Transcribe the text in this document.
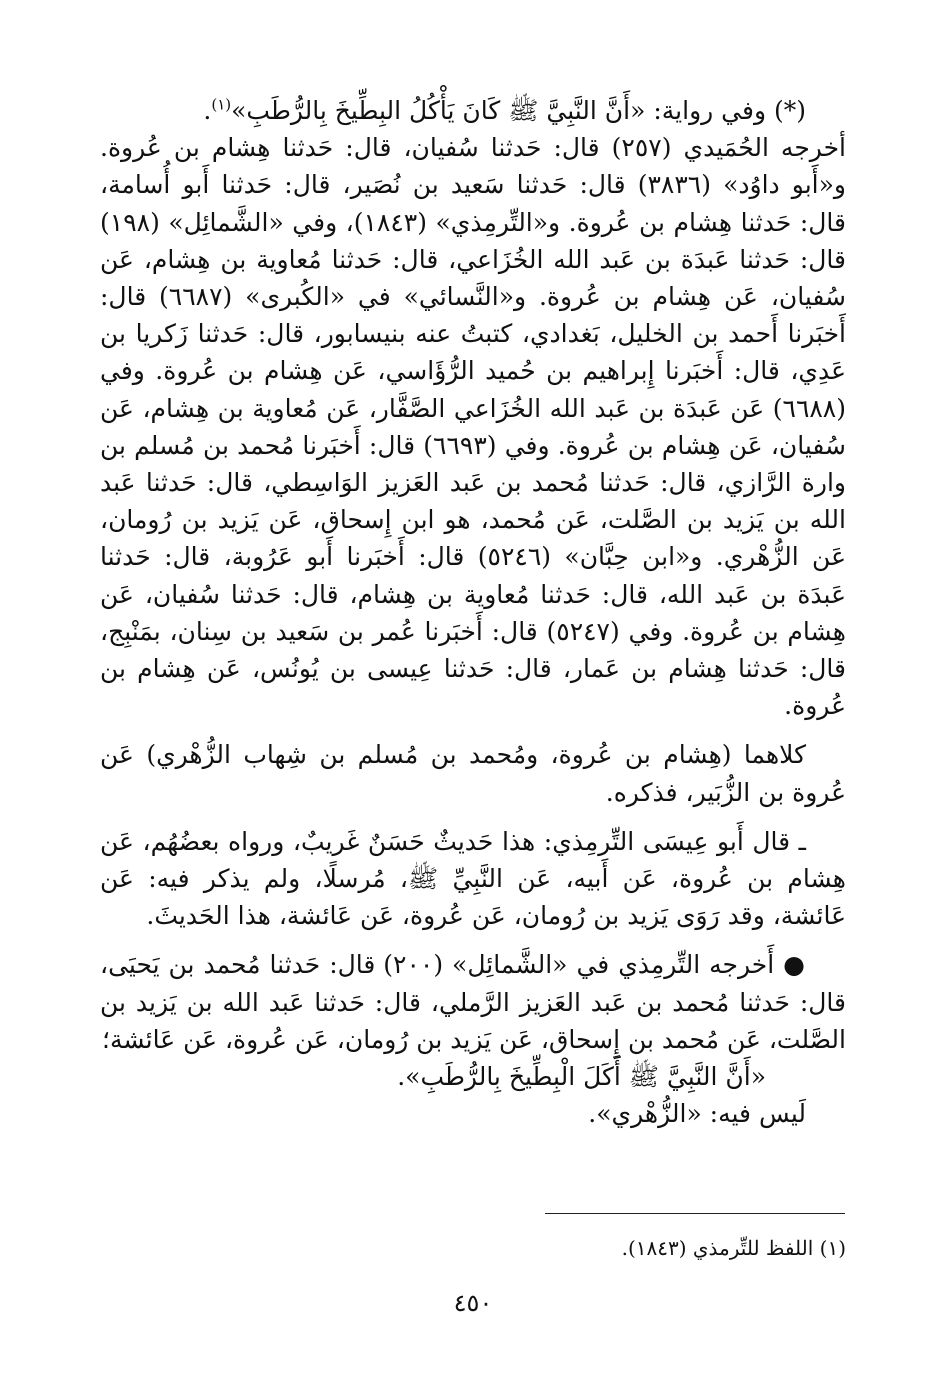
(*) وفي رواية: «أَنَّ النَّبِيَّ ﷺ كَانَ يَأْكُلُ البِطِّيخَ بِالرُّطَبِ»$^{(١)}$.

أخرجه الحُمَيدي (٢٥٧) قال: حَدثنا سُفيان، قال: حَدثنا هِشام بن عُروة. و«أَبو داوُد» (٣٨٣٦) قال: حَدثنا سَعيد بن نُصَير، قال: حَدثنا أَبو أُسامة، قال: حَدثنا هِشام بن عُروة. و«التِّرمِذي» (١٨٤٣)، وفي «الشَّمائِل» (١٩٨) قال: حَدثنا عَبدَة بن عَبد الله الخُزَاعي، قال: حَدثنا مُعاوية بن هِشام، عَن سُفيان، عَن هِشام بن عُروة. و«النَّسائي» في «الكُبرى» (٦٦٨٧) قال: أَخبَرنا أَحمد بن الخليل، بَغدادي، كتبتُ عنه بنيسابور، قال: حَدثنا زَكريا بن عَدِي، قال: أَخبَرنا إِبراهيم بن حُميد الرُّؤَاسي، عَن هِشام بن عُروة. وفي (٦٦٨٨) عَن عَبدَة بن عَبد الله الخُزَاعي الصَّفَّار، عَن مُعاوية بن هِشام، عَن سُفيان، عَن هِشام بن عُروة. وفي (٦٦٩٣) قال: أَخبَرنا مُحمد بن مُسلم بن وارة الرَّازي، قال: حَدثنا مُحمد بن عَبد العَزيز الوَاسِطي، قال: حَدثنا عَبد الله بن يَزيد بن الصَّلت، عَن مُحمد، هو ابن إِسحاق، عَن يَزيد بن رُومان، عَن الزُّهْري. و«ابن حِبَّان» (٥٢٤٦) قال: أَخبَرنا أَبو عَرُوبة، قال: حَدثنا عَبدَة بن عَبد الله، قال: حَدثنا مُعاوية بن هِشام، قال: حَدثنا سُفيان، عَن هِشام بن عُروة. وفي (٥٢٤٧) قال: أَخبَرنا عُمر بن سَعيد بن سِنان، بمَنْبِج، قال: حَدثنا هِشام بن عَمار، قال: حَدثنا عِيسى بن يُونُس، عَن هِشام بن عُروة.

كلاهما (هِشام بن عُروة، ومُحمد بن مُسلم بن شِهاب الزُّهْري) عَن عُروة بن الزُّبَير، فذكره.

ـ قال أَبو عِيسَى التِّرمِذي: هذا حَديثٌ حَسَنٌ غَريبٌ، ورواه بعضُهُم، عَن هِشام بن عُروة، عَن أَبيه، عَن النَّبِيِّ ﷺ، مُرسلًا، ولم يذكر فيه: عَن عَائشة، وقد رَوَى يَزيد بن رُومان، عَن عُروة، عَن عَائشة، هذا الحَديثَ.

● أَخرجه التِّرمِذي في «الشَّمائِل» (٢٠٠) قال: حَدثنا مُحمد بن يَحيَى، قال: حَدثنا مُحمد بن عَبد العَزيز الرَّملي، قال: حَدثنا عَبد الله بن يَزيد بن الصَّلت، عَن مُحمد بن إِسحاق، عَن يَزيد بن رُومان، عَن عُروة، عَن عَائشة؛

«أَنَّ النَّبِيَّ ﷺ أَكَلَ الْبِطِّيخَ بِالرُّطَبِ».

لَيس فيه: «الزُّهْري».

(١) اللفظ للتِّرمذي (١٨٤٣).
٤٥٠
